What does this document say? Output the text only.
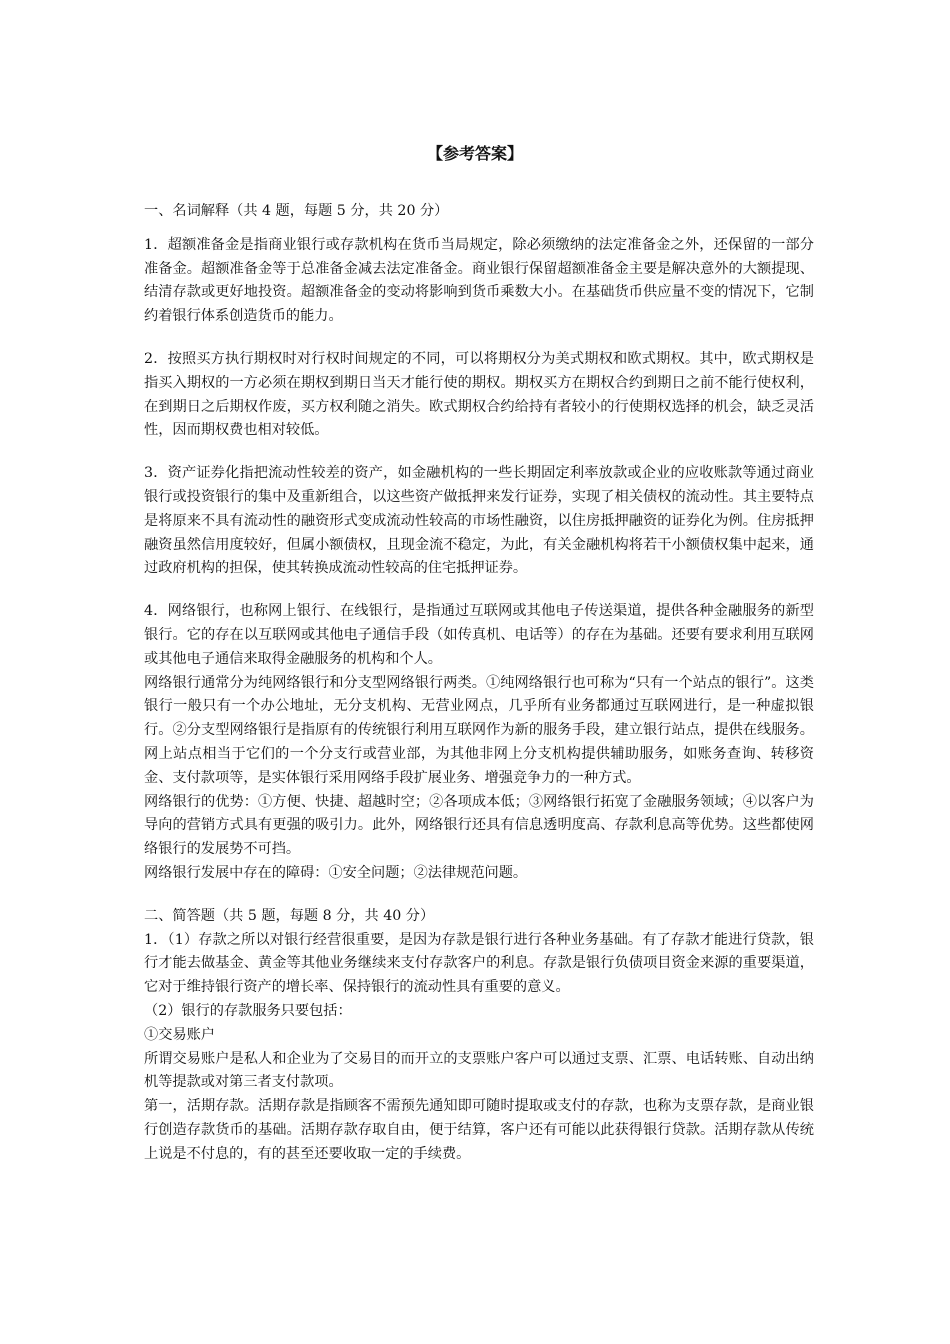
【参考答案】

一、名词解释（共 4 题，每题 5 分，共 20 分）

1．超额准备金是指商业银行或存款机构在货币当局规定，除必须缴纳的法定准备金之外，还保留的一部分准备金。超额准备金等于总准备金减去法定准备金。商业银行保留超额准备金主要是解决意外的大额提现、结清存款或更好地投资。超额准备金的变动将影响到货币乘数大小。在基础货币供应量不变的情况下，它制约着银行体系创造货币的能力。

2．按照买方执行期权时对行权时间规定的不同，可以将期权分为美式期权和欧式期权。其中，欧式期权是指买入期权的一方必须在期权到期日当天才能行使的期权。期权买方在期权合约到期日之前不能行使权利，在到期日之后期权作废，买方权利随之消失。欧式期权合约给持有者较小的行使期权选择的机会，缺乏灵活性，因而期权费也相对较低。

3．资产证券化指把流动性较差的资产，如金融机构的一些长期固定利率放款或企业的应收账款等通过商业银行或投资银行的集中及重新组合，以这些资产做抵押来发行证券，实现了相关债权的流动性。其主要特点是将原来不具有流动性的融资形式变成流动性较高的市场性融资，以住房抵押融资的证券化为例。住房抵押融资虽然信用度较好，但属小额债权，且现金流不稳定，为此，有关金融机构将若干小额债权集中起来，通过政府机构的担保，使其转换成流动性较高的住宅抵押证券。

4．网络银行，也称网上银行、在线银行，是指通过互联网或其他电子传送渠道，提供各种金融服务的新型银行。它的存在以互联网或其他电子通信手段（如传真机、电话等）的存在为基础。还要有要求利用互联网或其他电子通信来取得金融服务的机构和个人。

网络银行通常分为纯网络银行和分支型网络银行两类。①纯网络银行也可称为“只有一个站点的银行”。这类银行一般只有一个办公地址，无分支机构、无营业网点，几乎所有业务都通过互联网进行，是一种虚拟银行。②分支型网络银行是指原有的传统银行利用互联网作为新的服务手段，建立银行站点，提供在线服务。网上站点相当于它们的一个分支行或营业部，为其他非网上分支机构提供辅助服务，如账务查询、转移资金、支付款项等，是实体银行采用网络手段扩展业务、增强竞争力的一种方式。

网络银行的优势：①方便、快捷、超越时空；②各项成本低；③网络银行拓宽了金融服务领域；④以客户为导向的营销方式具有更强的吸引力。此外，网络银行还具有信息透明度高、存款利息高等优势。这些都使网络银行的发展势不可挡。

网络银行发展中存在的障碍：①安全问题；②法律规范问题。

二、简答题（共 5 题，每题 8 分，共 40 分）

1．（1）存款之所以对银行经营很重要，是因为存款是银行进行各种业务基础。有了存款才能进行贷款，银行才能去做基金、黄金等其他业务继续来支付存款客户的利息。存款是银行负债项目资金来源的重要渠道，它对于维持银行资产的增长率、保持银行的流动性具有重要的意义。

（2）银行的存款服务只要包括：

①交易账户

所谓交易账户是私人和企业为了交易目的而开立的支票账户客户可以通过支票、汇票、电话转账、自动出纳机等提款或对第三者支付款项。

第一，活期存款。活期存款是指顾客不需预先通知即可随时提取或支付的存款，也称为支票存款，是商业银行创造存款货币的基础。活期存款存取自由，便于结算，客户还有可能以此获得银行贷款。活期存款从传统上说是不付息的，有的甚至还要收取一定的手续费。
